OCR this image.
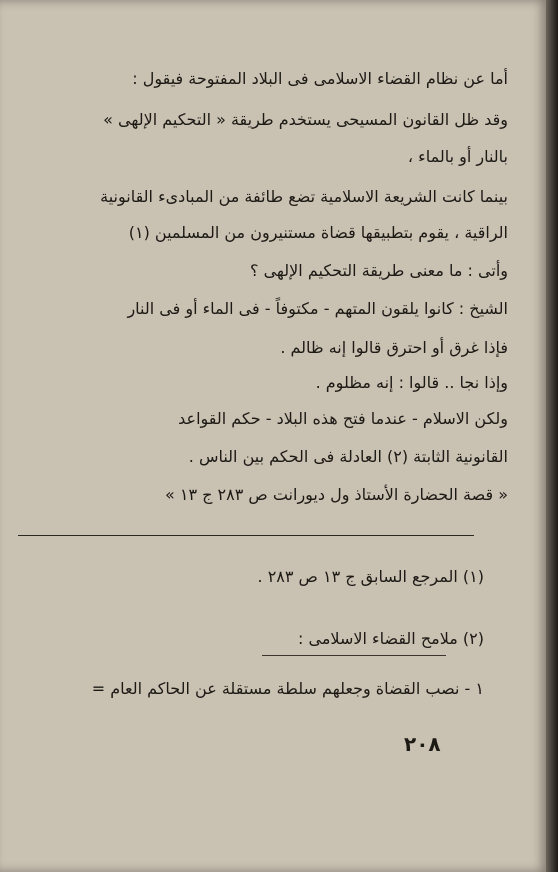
أما عن نظام القضاء الاسلامى فى البلاد المفتوحة فيقول :
وقد ظل القانون المسيحى يستخدم طريقة « التحكيم الإلهى »
بالنار أو بالماء ،
بينما كانت الشريعة الاسلامية تضع طائفة من المبادىء القانونية
الراقية ، يقوم بتطبيقها قضاة مستنيرون من المسلمين (١)
وأتى : ما معنى طريقة التحكيم الإلهى ؟
الشيخ : كانوا يلقون المتهم - مكتوفاً - فى الماء أو فى النار
فإذا غرق أو احترق قالوا إنه ظالم .
وإذا نجا .. قالوا : إنه مظلوم .
ولكن الاسلام - عندما فتح هذه البلاد - حكم القواعد
القانونية الثابتة (٢) العادلة فى الحكم بين الناس .
« قصة الحضارة الأستاذ ول ديورانت ص ٢٨٣ ج ١٣ »
(١) المرجع السابق ج ١٣ ص ٢٨٣ .
(٢) ملامح القضاء الاسلامى :
١ - نصب القضاة وجعلهم سلطة مستقلة عن الحاكم العام =
٢٠٨
